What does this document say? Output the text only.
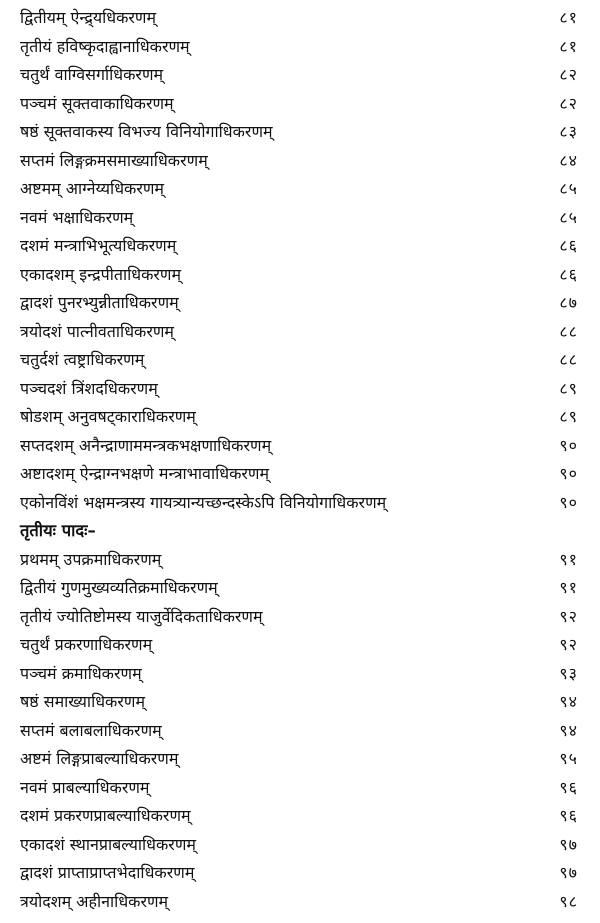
द्वितीयम् ऐन्द्र्यधिकरणम्	८१
तृतीयं हविष्कृदाह्वानाधिकरणम्	८१
चतुर्थं वाग्विसर्गाधिकरणम्	८२
पञ्चमं सूक्तवाकाधिकरणम्	८२
षष्ठं सूक्तवाकस्य विभज्य विनियोगाधिकरणम्	८३
सप्तमं लिङ्गक्रमसमाख्याधिकरणम्	८४
अष्टमम् आग्नेय्यधिकरणम्	८५
नवमं भक्षाधिकरणम्	८५
दशमं मन्त्राभिभूत्यधिकरणम्	८६
एकादशम् इन्द्रपीताधिकरणम्	८६
द्वादशं पुनरभ्युन्नीताधिकरणम्	८७
त्रयोदशं पात्नीवताधिकरणम्	८८
चतुर्दशं त्वष्ट्राधिकरणम्	८८
पञ्चदशं त्रिंशदधिकरणम्	८९
षोडशम् अनुवषट्काराधिकरणम्	८९
सप्तदशम् अनैन्द्राणाममन्त्रकभक्षणाधिकरणम्	९०
अष्टादशम् ऐन्द्राग्नभक्षणे मन्त्राभावाधिकरणम्	९०
एकोनविंशं भक्षमन्त्रस्य गायत्र्यान्यच्छन्दस्केऽपि विनियोगाधिकरणम्	९०
तृतीयः पादः–
प्रथमम् उपक्रमाधिकरणम्	९१
द्वितीयं गुणमुख्यव्यतिक्रमाधिकरणम्	९१
तृतीयं ज्योतिष्टोमस्य याजुर्वेदिकताधिकरणम्	९२
चतुर्थं प्रकरणाधिकरणम्	९२
पञ्चमं क्रमाधिकरणम्	९३
षष्ठं समाख्याधिकरणम्	९४
सप्तमं बलाबलाधिकरणम्	९४
अष्टमं लिङ्गप्राबल्याधिकरणम्	९५
नवमं प्राबल्याधिकरणम्	९६
दशमं प्रकरणप्राबल्याधिकरणम्	९६
एकादशं स्थानप्राबल्याधिकरणम्	९७
द्वादशं प्राप्ताप्राप्तभेदाधिकरणम्	९७
त्रयोदशम् अहीनाधिकरणम्	९८
